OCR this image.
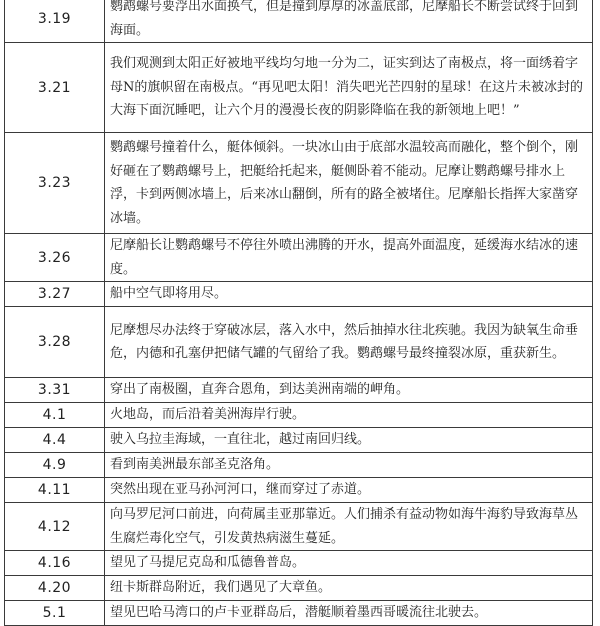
3.19	鹦鹉螺号要浮出水面换气，但是撞到厚厚的冰盖底部，尼摩船长不断尝试终于回到海面。
3.21	我们观测到太阳正好被地平线均匀地一分为二，证实到达了南极点，将一面绣着字母N的旗帜留在南极点。“再见吧太阳！消失吧光芒四射的星球！在这片未被冰封的大海下面沉睡吧，让六个月的漫漫长夜的阴影降临在我的新领地上吧！”
3.23	鹦鹉螺号撞着什么，艇体倾斜。一块冰山由于底部水温较高而融化，整个倒个，刚好砸在了鹦鹉螺号上，把艇给托起来，艇侧卧着不能动。尼摩让鹦鹉螺号排水上浮，卡到两侧冰墙上，后来冰山翻倒，所有的路全被堵住。尼摩船长指挥大家凿穿冰墙。
3.26	尼摩船长让鹦鹉螺号不停往外喷出沸腾的开水，提高外面温度，延缓海水结冰的速度。
3.27	船中空气即将用尽。
3.28	尼摩想尽办法终于穿破冰层，落入水中，然后抽掉水往北疾驰。我因为缺氧生命垂危，内德和孔塞伊把储气罐的气留给了我。鹦鹉螺号最终撞裂冰原，重获新生。
3.31	穿出了南极圈，直奔合恩角，到达美洲南端的岬角。
4.1	火地岛，而后沿着美洲海岸行驶。
4.4	驶入乌拉圭海域，一直往北，越过南回归线。
4.9	看到南美洲最东部圣克洛角。
4.11	突然出现在亚马孙河河口，继而穿过了赤道。
4.12	向马罗尼河口前进，向荷属圭亚那靠近。人们捕杀有益动物如海牛海豹导致海草丛生腐烂毒化空气，引发黄热病滋生蔓延。
4.16	望见了马提尼克岛和瓜德鲁普岛。
4.20	纽卡斯群岛附近，我们遇见了大章鱼。
5.1	望见巴哈马湾口的卢卡亚群岛后，潜艇顺着墨西哥暖流往北驶去。
